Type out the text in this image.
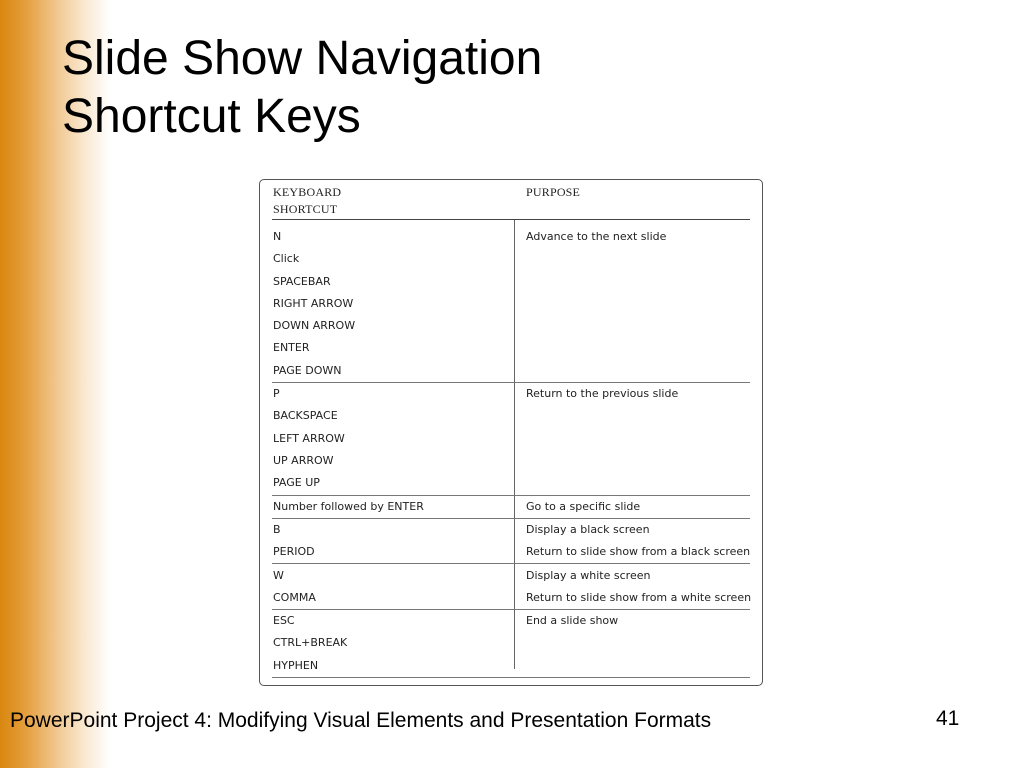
Slide Show Navigation
Shortcut Keys
KEYBOARD
SHORTCUT
PURPOSE
N
Click
SPACEBAR
RIGHT ARROW
DOWN ARROW
ENTER
PAGE DOWN
Advance to the next slide
P
BACKSPACE
LEFT ARROW
UP ARROW
PAGE UP
Return to the previous slide
Number followed by ENTER	Go to a specific slide
B
PERIOD
Display a black screen
Return to slide show from a black screen
W
COMMA
Display a white screen
Return to slide show from a white screen
ESC
CTRL+BREAK
HYPHEN
End a slide show
PowerPoint Project 4: Modifying Visual Elements and Presentation Formats	41
